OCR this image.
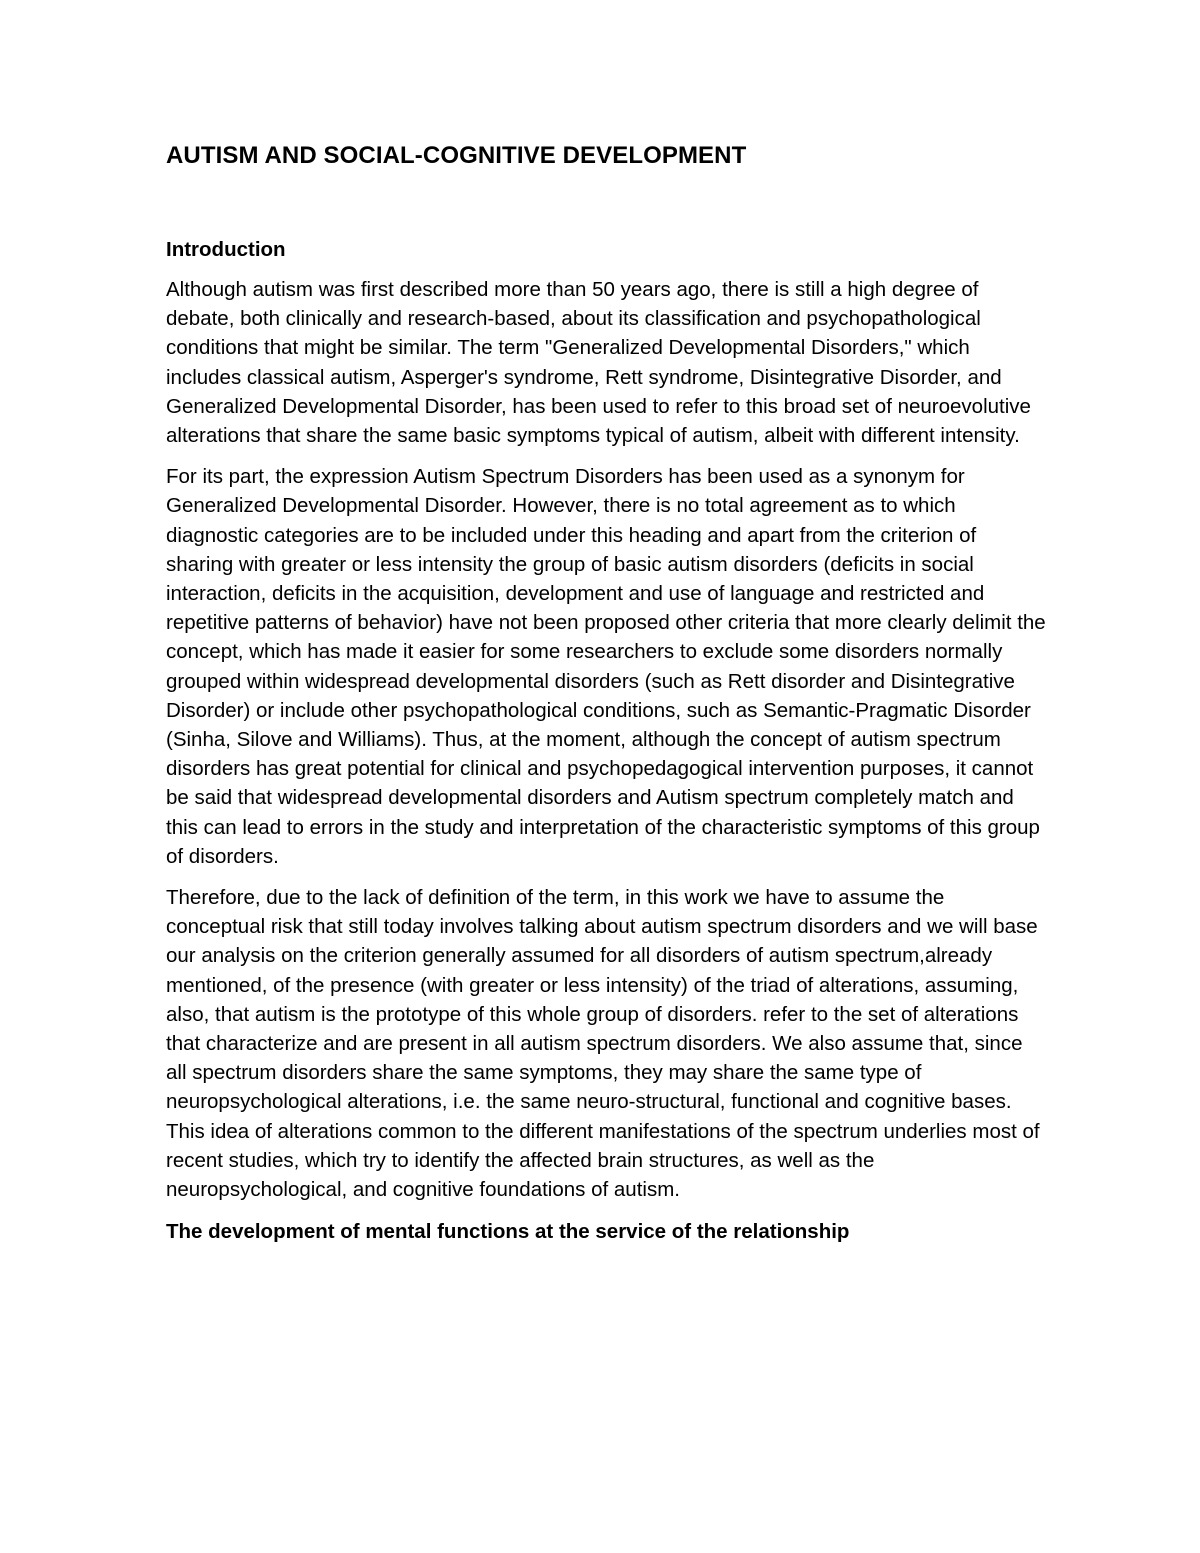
AUTISM AND SOCIAL-COGNITIVE DEVELOPMENT
Introduction

Although autism was first described more than 50 years ago, there is still a high degree of debate, both clinically and research-based, about its classification and psychopathological conditions that might be similar. The term "Generalized Developmental Disorders," which includes classical autism, Asperger's syndrome, Rett syndrome, Disintegrative Disorder, and Generalized Developmental Disorder, has been used to refer to this broad set of neuroevolutive alterations that share the same basic symptoms typical of autism, albeit with different intensity.

For its part, the expression Autism Spectrum Disorders has been used as a synonym for Generalized Developmental Disorder. However, there is no total agreement as to which diagnostic categories are to be included under this heading and apart from the criterion of sharing with greater or less intensity the group of basic autism disorders (deficits in social interaction, deficits in the acquisition, development and use of language and restricted and repetitive patterns of behavior) have not been proposed other criteria that more clearly delimit the concept, which has made it easier for some researchers to exclude some disorders normally grouped within widespread developmental disorders (such as Rett disorder and Disintegrative Disorder) or include other psychopathological conditions, such as Semantic-Pragmatic Disorder (Sinha, Silove and Williams). Thus, at the moment, although the concept of autism spectrum disorders has great potential for clinical and psychopedagogical intervention purposes, it cannot be said that widespread developmental disorders and Autism spectrum completely match and this can lead to errors in the study and interpretation of the characteristic symptoms of this group of disorders.

Therefore, due to the lack of definition of the term, in this work we have to assume the conceptual risk that still today involves talking about autism spectrum disorders and we will base our analysis on the criterion generally assumed for all disorders of autism spectrum,already mentioned, of the presence (with greater or less intensity) of the triad of alterations, assuming, also, that autism is the prototype of this whole group of disorders. refer to the set of alterations that characterize and are present in all autism spectrum disorders. We also assume that, since all spectrum disorders share the same symptoms, they may share the same type of neuropsychological alterations, i.e. the same neuro-structural, functional and cognitive bases. This idea of alterations common to the different manifestations of the spectrum underlies most of recent studies, which try to identify the affected brain structures, as well as the neuropsychological, and cognitive foundations of autism.

The development of mental functions at the service of the relationship
